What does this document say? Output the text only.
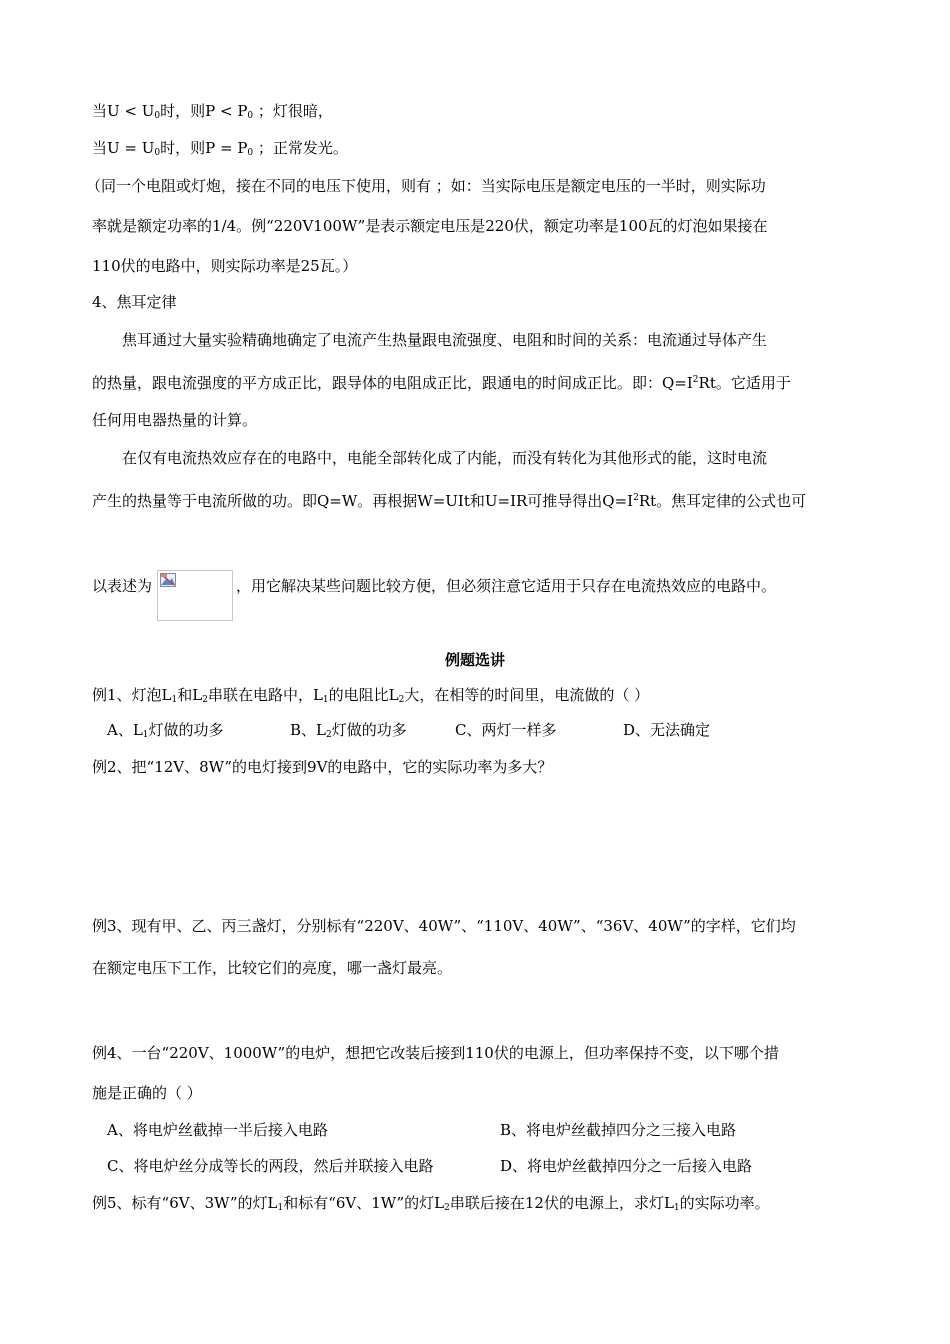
当$U < U_0$时，则$P < P_0$ ；灯很暗，
当$U = U_0$时，则$P = P_0$ ；正常发光。
（同一个电阻或灯炮，接在不同的电压下使用，则有 ；如：当实际电压是额定电压的一半时，则实际功
率就是额定功率的1/4。例“220V100W”是表示额定电压是220伏，额定功率是100瓦的灯泡如果接在
110伏的电路中，则实际功率是25瓦。）
4、焦耳定律
焦耳通过大量实验精确地确定了电流产生热量跟电流强度、电阻和时间的关系：电流通过导体产生
的热量，跟电流强度的平方成正比，跟导体的电阻成正比，跟通电的时间成正比。即：$Q=I^2Rt$。它适用于
任何用电器热量的计算。
在仅有电流热效应存在的电路中，电能全部转化成了内能，而没有转化为其他形式的能，这时电流
产生的热量等于电流所做的功。即Q=W。再根据W=UIt和U=IR可推导得出$Q=I^2Rt$。焦耳定律的公式也可
以表述为	，用它解决某些问题比较方便，但必须注意它适用于只存在电流热效应的电路中。
例题选讲
例1、灯泡$L_1$和$L_2$串联在电路中，$L_1$的电阻比$L_2$大，在相等的时间里，电流做的（ ）
A、$L_1$灯做的功多	B、$L_2$灯做的功多	C、两灯一样多	D、无法确定
例2、把“12V、8W”的电灯接到9V的电路中，它的实际功率为多大？
例3、现有甲、乙、丙三盏灯，分别标有“220V、40W”、“110V、40W”、“36V、40W”的字样，它们均
在额定电压下工作，比较它们的亮度，哪一盏灯最亮。
例4、一台“220V、1000W”的电炉，想把它改装后接到110伏的电源上，但功率保持不变，以下哪个措
施是正确的（ ）
A、将电炉丝截掉一半后接入电路	B、将电炉丝截掉四分之三接入电路
C、将电炉丝分成等长的两段，然后并联接入电路	D、将电炉丝截掉四分之一后接入电路
例5、标有“6V、3W”的灯$L_1$和标有“6V、1W”的灯$L_2$串联后接在12伏的电源上，求灯$L_1$的实际功率。
